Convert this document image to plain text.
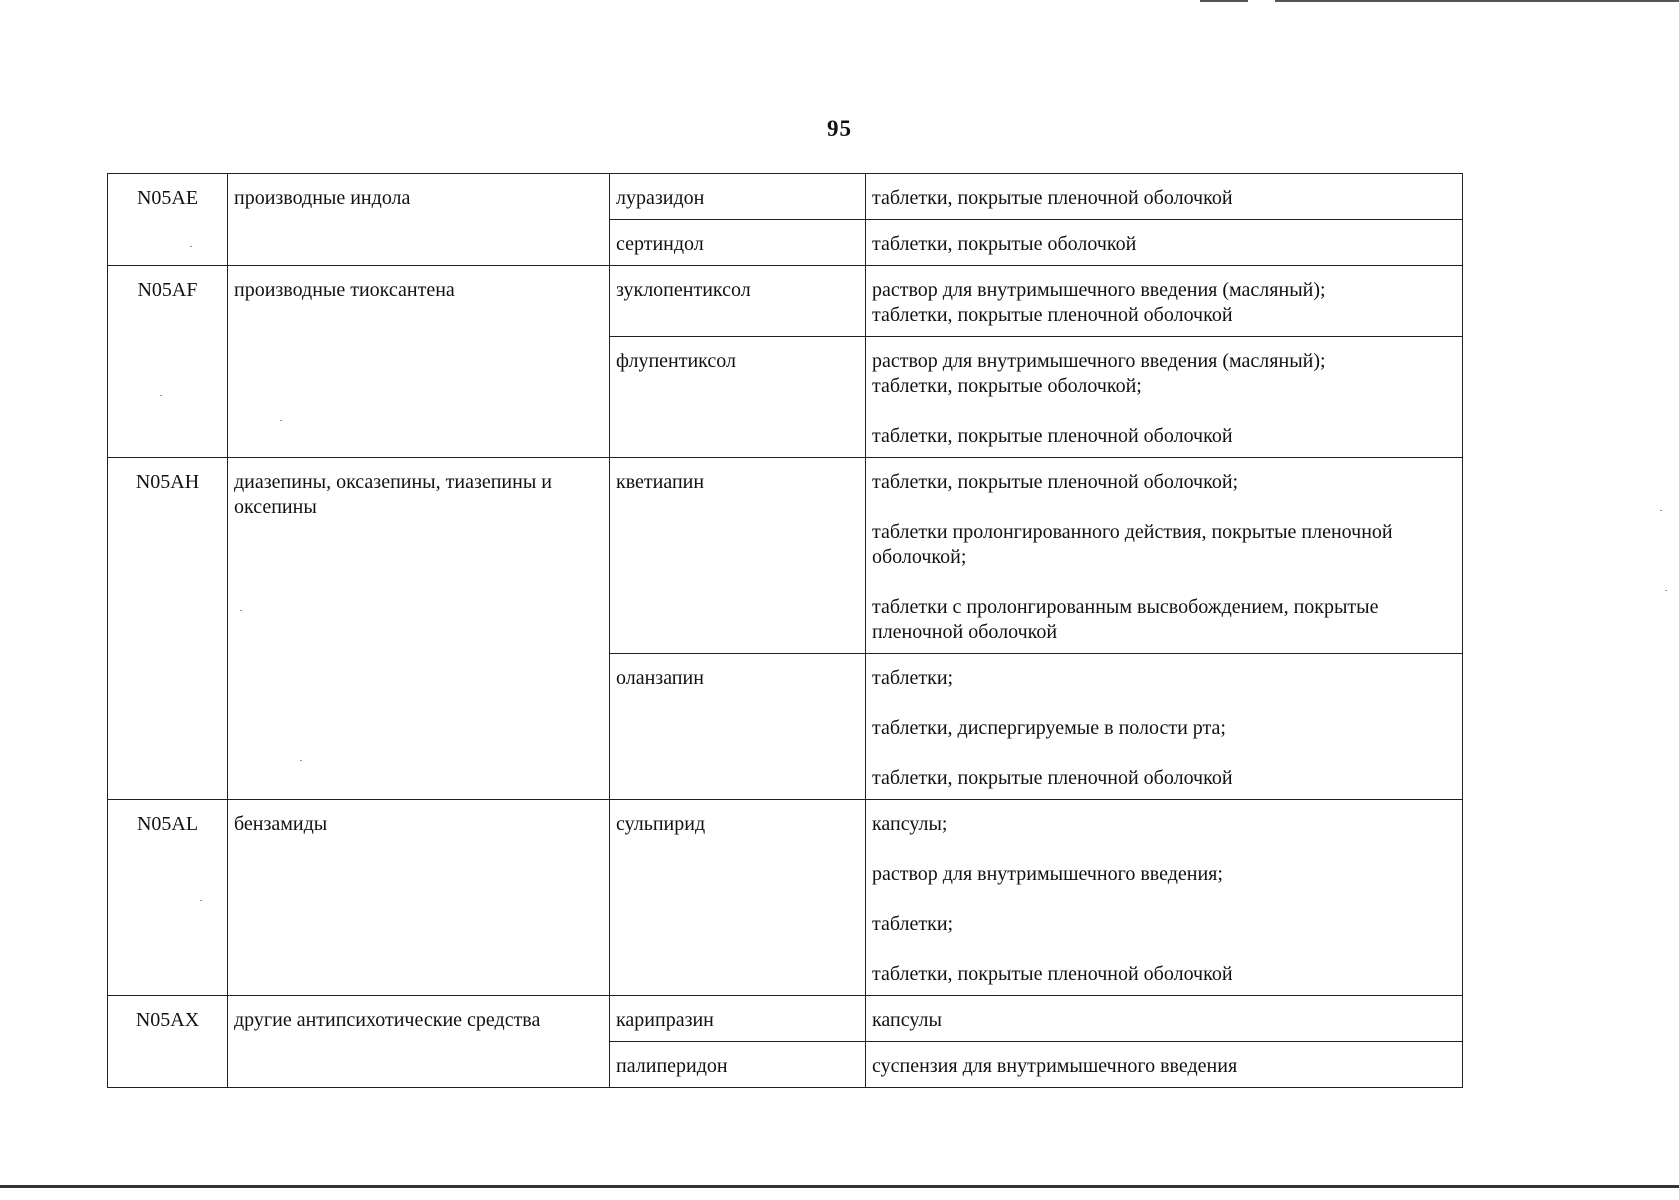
95
N05AE	производные индола	луразидон	таблетки, покрытые пленочной оболочкой

		сертиндол	таблетки, покрытые оболочкой

N05AF	производные тиоксантена	зуклопентиксол	раствор для внутримышечного введения (масляный);
таблетки, покрытые пленочной оболочкой

		флупентиксол	раствор для внутримышечного введения (масляный);
таблетки, покрытые оболочкой;
таблетки, покрытые пленочной оболочкой

N05AH	диазепины, оксазепины, тиазепины и оксепины	кветиапин	таблетки, покрытые пленочной оболочкой;
таблетки пролонгированного действия, покрытые пленочной оболочкой;
таблетки с пролонгированным высвобождением, покрытые пленочной оболочкой

		оланзапин	таблетки;
таблетки, диспергируемые в полости рта;
таблетки, покрытые пленочной оболочкой

N05AL	бензамиды	сульпирид	капсулы;
раствор для внутримышечного введения;
таблетки;
таблетки, покрытые пленочной оболочкой

N05AX	другие антипсихотические средства	карипразин	капсулы

		палиперидон	суспензия для внутримышечного введения
